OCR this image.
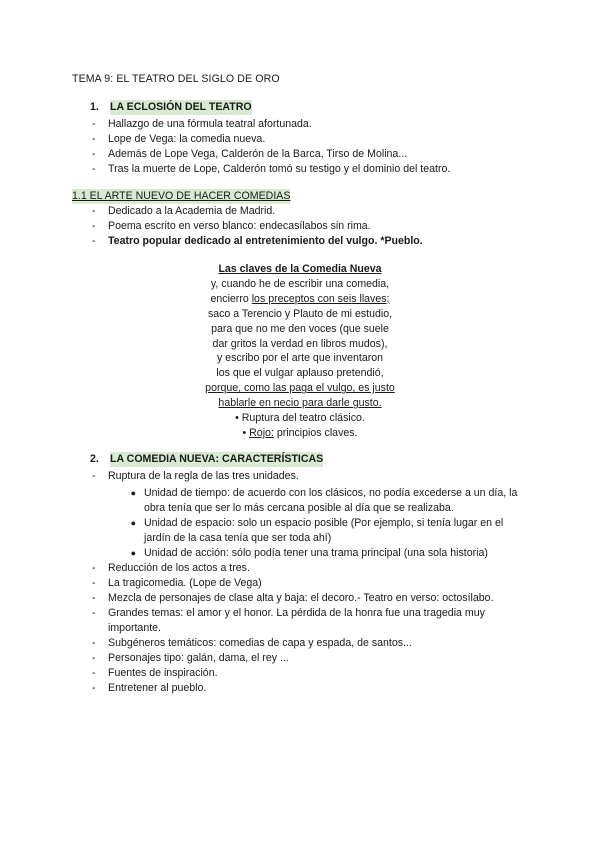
TEMA 9: EL TEATRO DEL SIGLO DE ORO
1.	LA ECLOSIÓN DEL TEATRO
-	Hallazgo de una fórmula teatral afortunada.
-	Lope de Vega: la comedia nueva.
-	Además de Lope Vega, Calderón de la Barca, Tirso de Molina...
-	Tras la muerte de Lope, Calderón tomó su testigo y el dominio del teatro.
1.1 EL ARTE NUEVO DE HACER COMEDIAS
-	Dedicado a la Academia de Madrid.
-	Poema escrito en verso blanco: endecasílabos sin rima.
-	Teatro popular dedicado al entretenimiento del vulgo. *Pueblo.
Las claves de la Comedia Nueva
y, cuando he de escribir una comedia,
encierro los preceptos con seis llaves;
saco a Terencio y Plauto de mi estudio,
para que no me den voces (que suele
dar gritos la verdad en libros mudos),
y escribo por el arte que inventaron
los que el vulgar aplauso pretendió,
porque, como las paga el vulgo, es justo
hablarle en necio para darle gusto.
• Ruptura del teatro clásico.
• Rojo: principios claves.
2.	LA COMEDIA NUEVA: CARACTERÍSTICAS
-	Ruptura de la regla de las tres unidades.
● Unidad de tiempo: de acuerdo con los clásicos, no podía excederse a un día, la obra tenía que ser lo más cercana posible al día que se realizaba.
● Unidad de espacio: solo un espacio posible (Por ejemplo, si tenía lugar en el jardín de la casa tenía que ser toda ahí)
● Unidad de acción: sólo podía tener una trama principal (una sola historia)
-	Reducción de los actos a tres.
-	La tragicomedia. (Lope de Vega)
-	Mezcla de personajes de clase alta y baja: el decoro.- Teatro en verso: octosílabo.
-	Grandes temas: el amor y el honor. La pérdida de la honra fue una tragedia muy importante.
-	Subgéneros temáticos: comedias de capa y espada, de santos...
-	Personajes tipo: galán, dama, el rey ...
-	Fuentes de inspiración.
-	Entretener al pueblo.
